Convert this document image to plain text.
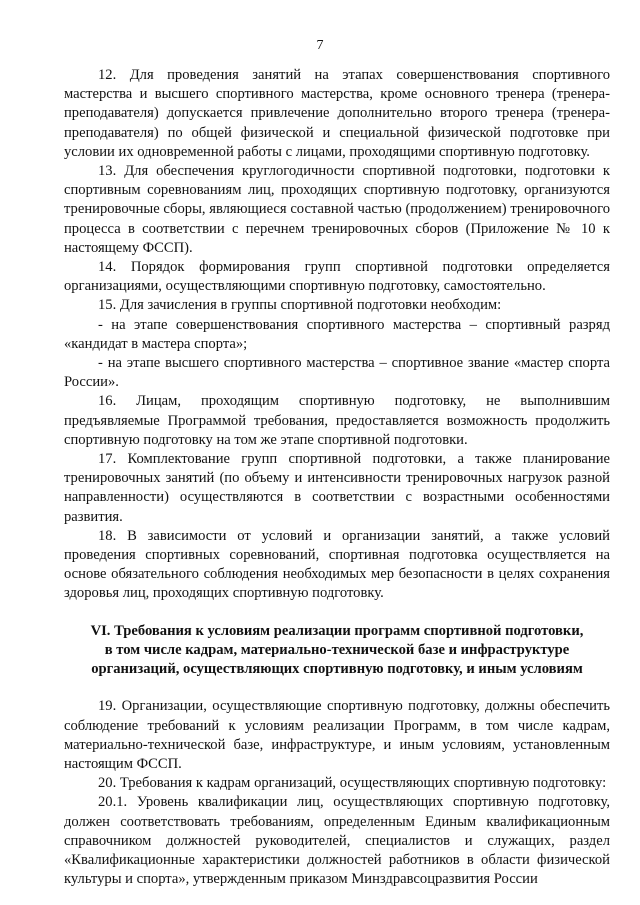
7

12. Для проведения занятий на этапах совершенствования спортивного мастерства и высшего спортивного мастерства, кроме основного тренера (тренера-преподавателя) допускается привлечение дополнительно второго тренера (тренера-преподавателя) по общей физической и специальной физической подготовке при условии их одновременной работы с лицами, проходящими спортивную подготовку.

13. Для обеспечения круглогодичности спортивной подготовки, подготовки к спортивным соревнованиям лиц, проходящих спортивную подготовку, организуются тренировочные сборы, являющиеся составной частью (продолжением) тренировочного процесса в соответствии с перечнем тренировочных сборов (Приложение № 10 к настоящему ФССП).

14. Порядок формирования групп спортивной подготовки определяется организациями, осуществляющими спортивную подготовку, самостоятельно.

15. Для зачисления в группы спортивной подготовки необходим:

- на этапе совершенствования спортивного мастерства – спортивный разряд «кандидат в мастера спорта»;

- на этапе высшего спортивного мастерства – спортивное звание «мастер спорта России».

16. Лицам, проходящим спортивную подготовку, не выполнившим предъявляемые Программой требования, предоставляется возможность продолжить спортивную подготовку на том же этапе спортивной подготовки.

17. Комплектование групп спортивной подготовки, а также планирование тренировочных занятий (по объему и интенсивности тренировочных нагрузок разной направленности) осуществляются в соответствии с возрастными особенностями развития.

18. В зависимости от условий и организации занятий, а также условий проведения спортивных соревнований, спортивная подготовка осуществляется на основе обязательного соблюдения необходимых мер безопасности в целях сохранения здоровья лиц, проходящих спортивную подготовку.

VI. Требования к условиям реализации программ спортивной подготовки,
в том числе кадрам, материально-технической базе и инфраструктуре
организаций, осуществляющих спортивную подготовку, и иным условиям

19. Организации, осуществляющие спортивную подготовку, должны обеспечить соблюдение требований к условиям реализации Программ, в том числе кадрам, материально-технической базе, инфраструктуре, и иным условиям, установленным настоящим ФССП.

20. Требования к кадрам организаций, осуществляющих спортивную подготовку:

20.1. Уровень квалификации лиц, осуществляющих спортивную подготовку, должен соответствовать требованиям, определенным Единым квалификационным справочником должностей руководителей, специалистов и служащих, раздел «Квалификационные характеристики должностей работников в области физической культуры и спорта», утвержденным приказом Минздравсоцразвития России
